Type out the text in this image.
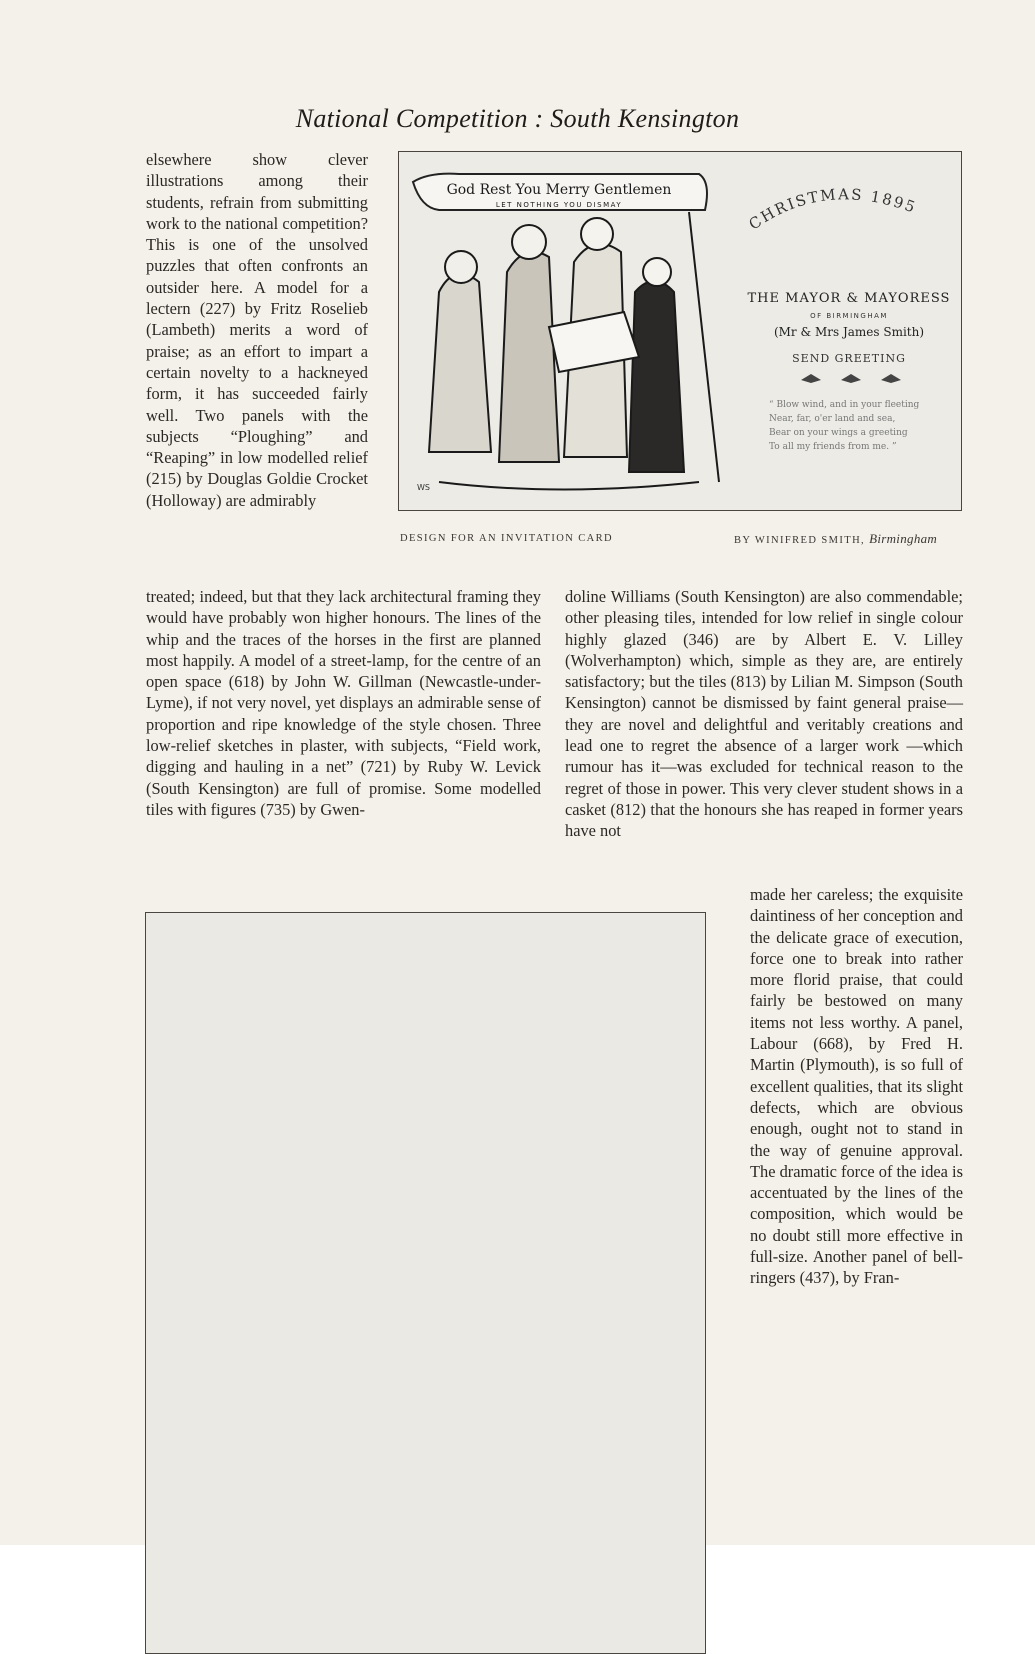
National Competition : South Kensington

elsewhere show clever illustrations among their students, refrain from submitting work to the national competition? This is one of the unsolved puzzles that often confronts an outsider here. A model for a lectern (227) by Fritz Roselieb (Lambeth) merits a word of praise; as an effort to impart a certain novelty to a hackneyed form, it has succeeded fairly well. Two panels with the subjects “Ploughing” and “Reaping” in low modelled relief (215) by Douglas Goldie Crocket (Holloway) are admirably

God Rest You Merry Gentlemen
LET NOTHING YOU DISMAY
WS
CHRISTMAS 1895
THE MAYOR & MAYORESS
OF BIRMINGHAM
(Mr & Mrs James Smith)
SEND GREETING
“ Blow wind, and in your fleeting Near, far, o'er land and sea, Bear on your wings a greeting To all my friends from me. ”
DESIGN FOR AN INVITATION CARD	BY WINIFRED SMITH, Birmingham

treated; indeed, but that they lack architectural framing they would have probably won higher honours. The lines of the whip and the traces of the horses in the first are planned most happily. A model of a street-lamp, for the centre of an open space (618) by John W. Gillman (Newcastle-under-Lyme), if not very novel, yet displays an admirable sense of proportion and ripe knowledge of the style chosen. Three low-relief sketches in plaster, with subjects, “Field work, digging and hauling in a net” (721) by Ruby W. Levick (South Kensington) are full of promise. Some modelled tiles with figures (735) by Gwen-

doline Williams (South Kensington) are also commendable; other pleasing tiles, intended for low relief in single colour highly glazed (346) are by Albert E. V. Lilley (Wolverhampton) which, simple as they are, are entirely satisfactory; but the tiles (813) by Lilian M. Simpson (South Kensington) cannot be dismissed by faint general praise—they are novel and delightful and veritably creations and lead one to regret the absence of a larger work —which rumour has it—was excluded for technical reason to the regret of those in power. This very clever student shows in a casket (812) that the honours she has reaped in former years have not

made her careless; the exquisite daintiness of her conception and the delicate grace of execution, force one to break into rather more florid praise, that could fairly be bestowed on many items not less worthy. A panel, Labour (668), by Fred H. Martin (Plymouth), is so full of excellent qualities, that its slight defects, which are obvious enough, ought not to stand in the way of genuine approval. The dramatic force of the idea is accentuated by the lines of the composition, which would be no doubt still more effective in full-size. Another panel of bell-ringers (437), by Fran-
